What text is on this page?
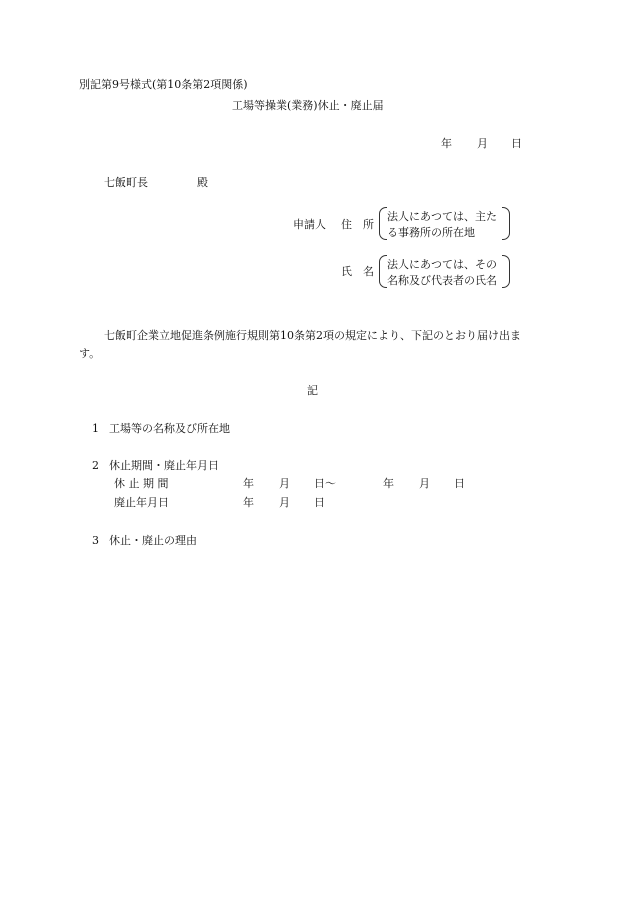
別記第9号様式(第10条第2項関係)
工場等操業(業務)休止・廃止届
年 月 日
七飯町長	殿
申請人 住　所
法人にあつては、主た
る事務所の所在地
氏　名
法人にあつては、その
名称及び代表者の氏名
七飯町企業立地促進条例施行規則第10条第2項の規定により、下記のとおり届け出ま
す。
記
1 工場等の名称及び所在地
2 休止期間・廃止年月日
休 止 期 間	年 月 日～	年 月 日
廃止年月日	年 月 日
3 休止・廃止の理由
